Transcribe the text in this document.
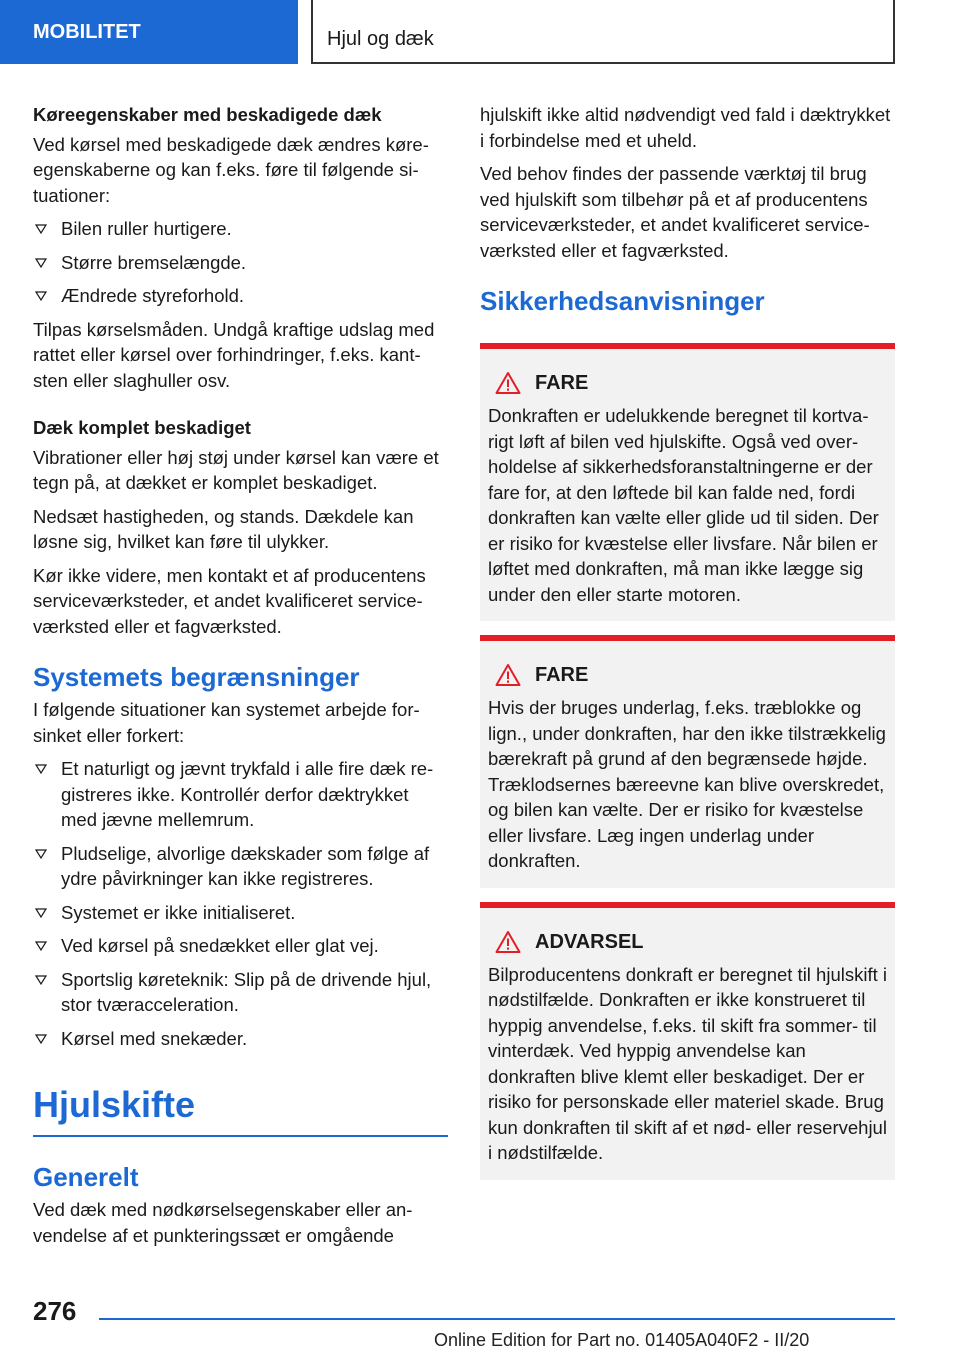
MOBILITET	Hjul og dæk
Køreegenskaber med beskadigede dæk

Ved kørsel med beskadigede dæk ændres køreegenskaberne og kan f.eks. føre til følgende situationer:

Bilen ruller hurtigere.
Større bremselængde.
Ændrede styreforhold.

Tilpas kørselsmåden. Undgå kraftige udslag med rattet eller kørsel over forhindringer, f.eks. kantsten eller slaghuller osv.

Dæk komplet beskadiget

Vibrationer eller høj støj under kørsel kan være et tegn på, at dækket er komplet beskadiget.

Nedsæt hastigheden, og stands. Dækdele kan løsne sig, hvilket kan føre til ulykker.

Kør ikke videre, men kontakt et af producentens serviceværksteder, et andet kvalificeret serviceværksted eller et fagværksted.

Systemets begrænsninger

I følgende situationer kan systemet arbejde forsinket eller forkert:

Et naturligt og jævnt trykfald i alle fire dæk registreres ikke. Kontrollér derfor dæktrykket med jævne mellemrum.
Pludselige, alvorlige dækskader som følge af ydre påvirkninger kan ikke registreres.
Systemet er ikke initialiseret.
Ved kørsel på snedækket eller glat vej.
Sportslig køreteknik: Slip på de drivende hjul, stor tværacceleration.
Kørsel med snekæder.
Hjulskifte
Generelt

Ved dæk med nødkørselsegenskaber eller anvendelse af et punkteringssæt er omgående

hjulskift ikke altid nødvendigt ved fald i dæktrykket i forbindelse med et uheld.

Ved behov findes der passende værktøj til brug ved hjulskift som tilbehør på et af producentens serviceværksteder, et andet kvalificeret serviceværksted eller et fagværksted.

Sikkerhedsanvisninger
FARE

Donkraften er udelukkende beregnet til kortvarigt løft af bilen ved hjulskifte. Også ved overholdelse af sikkerhedsforanstaltningerne er der fare for, at den løftede bil kan falde ned, fordi donkraften kan vælte eller glide ud til siden. Der er risiko for kvæstelse eller livsfare. Når bilen er løftet med donkraften, må man ikke lægge sig under den eller starte motoren.

FARE

Hvis der bruges underlag, f.eks. træblokke og lign., under donkraften, har den ikke tilstrækkelig bærekraft på grund af den begrænsede højde. Træklodsernes bæreevne kan blive overskredet, og bilen kan vælte. Der er risiko for kvæstelse eller livsfare. Læg ingen underlag under donkraften.

ADVARSEL

Bilproducentens donkraft er beregnet til hjulskift i nødstilfælde. Donkraften er ikke konstrueret til hyppig anvendelse, f.eks. til skift fra sommer- til vinterdæk. Ved hyppig anvendelse kan donkraften blive klemt eller beskadiget. Der er risiko for personskade eller materiel skade. Brug kun donkraften til skift af et nød- eller reservehjul i nødstilfælde.

276
Online Edition for Part no. 01405A040F2 - II/20
